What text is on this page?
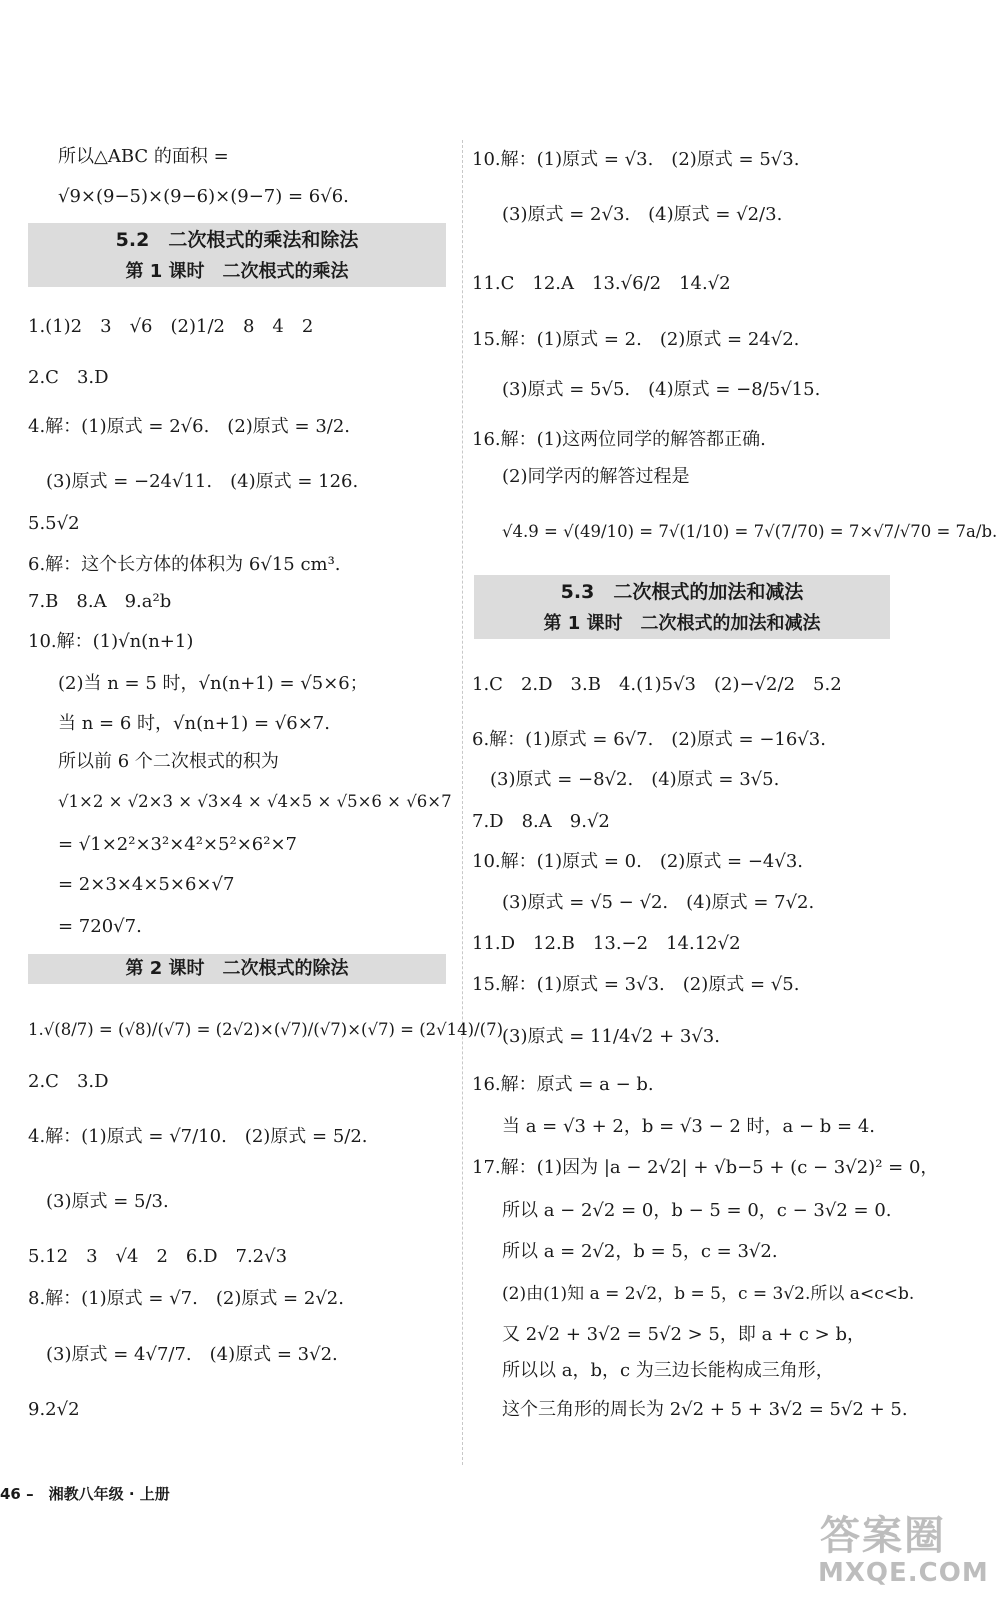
所以△ABC 的面积 =
√9×(9−5)×(9−6)×(9−7) = 6√6.
5.2　二次根式的乘法和除法
第 1 课时　二次根式的乘法
1.(1)2　3　√6　(2)1/2　8　4　2
2.C　3.D
4.解：(1)原式 = 2√6.　(2)原式 = 3/2.
(3)原式 = −24√11.　(4)原式 = 126.
5.5√2
6.解：这个长方体的体积为 6√15 cm³.
7.B　8.A　9.a²b
10.解：(1)√n(n+1)
(2)当 n = 5 时，√n(n+1) = √5×6；
当 n = 6 时，√n(n+1) = √6×7.
所以前 6 个二次根式的积为
√1×2 × √2×3 × √3×4 × √4×5 × √5×6 × √6×7
= √1×2²×3²×4²×5²×6²×7
= 2×3×4×5×6×√7
= 720√7.
第 2 课时　二次根式的除法
1.√(8/7) = (√8)/(√7) = (2√2)×(√7)/(√7)×(√7) = (2√14)/(7)
2.C　3.D
4.解：(1)原式 = √7/10.　(2)原式 = 5/2.
(3)原式 = 5/3.
5.12　3　√4　2　6.D　7.2√3
8.解：(1)原式 = √7.　(2)原式 = 2√2.
(3)原式 = 4√7/7.　(4)原式 = 3√2.
9.2√2
10.解：(1)原式 = √3.　(2)原式 = 5√3.
(3)原式 = 2√3.　(4)原式 = √2/3.
11.C　12.A　13.√6/2　14.√2
15.解：(1)原式 = 2.　(2)原式 = 24√2.
(3)原式 = 5√5.　(4)原式 = −8/5√15.
16.解：(1)这两位同学的解答都正确.
(2)同学丙的解答过程是
√4.9 = √(49/10) = 7√(1/10) = 7√(7/70) = 7×√7/√70 = 7a/b.
5.3　二次根式的加法和减法
第 1 课时　二次根式的加法和减法
1.C　2.D　3.B　4.(1)5√3　(2)−√2/2　5.2
6.解：(1)原式 = 6√7.　(2)原式 = −16√3.
(3)原式 = −8√2.　(4)原式 = 3√5.
7.D　8.A　9.√2
10.解：(1)原式 = 0.　(2)原式 = −4√3.
(3)原式 = √5 − √2.　(4)原式 = 7√2.
11.D　12.B　13.−2　14.12√2
15.解：(1)原式 = 3√3.　(2)原式 = √5.
(3)原式 = 11/4√2 + 3√3.
16.解：原式 = a − b.
当 a = √3 + 2，b = √3 − 2 时，a − b = 4.
17.解：(1)因为 |a − 2√2| + √b−5 + (c − 3√2)² = 0，
所以 a − 2√2 = 0，b − 5 = 0，c − 3√2 = 0.
所以 a = 2√2，b = 5，c = 3√2.
(2)由(1)知 a = 2√2，b = 5，c = 3√2.所以 a<c<b.
又 2√2 + 3√2 = 5√2 > 5，即 a + c > b，
所以以 a，b，c 为三边长能构成三角形，
这个三角形的周长为 2√2 + 5 + 3√2 = 5√2 + 5.
46 –　湘教八年级 · 上册
答案圈
MXQE.COM
